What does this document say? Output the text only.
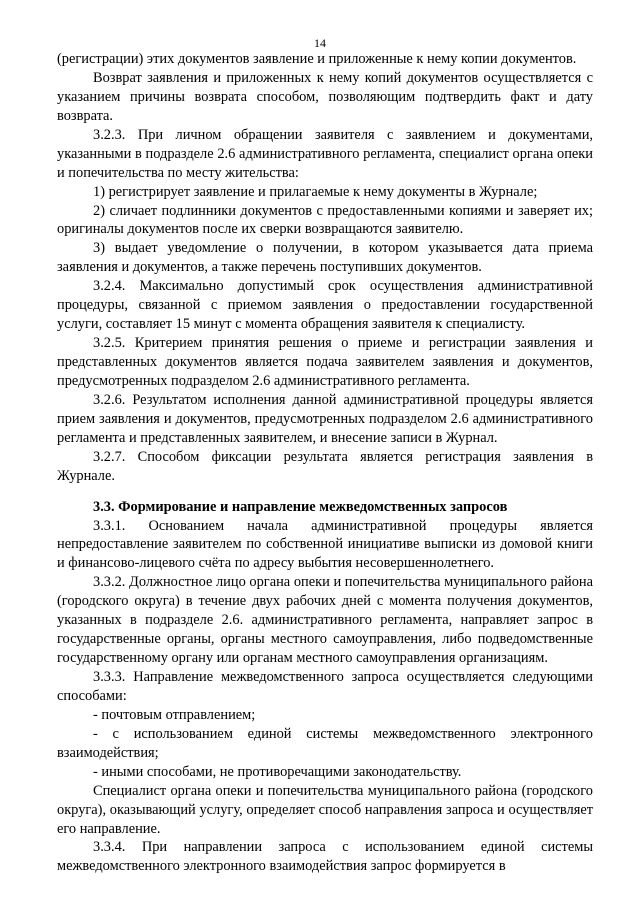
14

(регистрации) этих документов заявление и приложенные к нему копии документов.

Возврат заявления и приложенных к нему копий документов осуществляется с указанием причины возврата способом, позволяющим подтвердить факт и дату возврата.

3.2.3. При личном обращении заявителя с заявлением и документами, указанными в подразделе 2.6 административного регламента, специалист органа опеки и попечительства по месту жительства:

1) регистрирует заявление и прилагаемые к нему документы в Журнале;

2) сличает подлинники документов с предоставленными копиями и заверяет их; оригиналы документов после их сверки возвращаются заявителю.

3) выдает уведомление о получении, в котором указывается дата приема заявления и документов, а также перечень поступивших документов.

3.2.4. Максимально допустимый срок осуществления административной процедуры, связанной с приемом заявления о предоставлении государственной услуги, составляет 15 минут с момента обращения заявителя к специалисту.

3.2.5. Критерием принятия решения о приеме и регистрации заявления и представленных документов является подача заявителем заявления и документов, предусмотренных подразделом 2.6 административного регламента.

3.2.6. Результатом исполнения данной административной процедуры является прием заявления и документов, предусмотренных подразделом 2.6 административного регламента и представленных заявителем, и внесение записи в Журнал.

3.2.7. Способом фиксации результата является регистрация заявления в Журнале.

3.3. Формирование и направление межведомственных запросов

3.3.1. Основанием начала административной процедуры является непредоставление заявителем по собственной инициативе выписки из домовой книги и финансово-лицевого счёта по адресу выбытия несовершеннолетнего.

3.3.2. Должностное лицо органа опеки и попечительства муниципального района (городского округа) в течение двух рабочих дней с момента получения документов, указанных в подразделе 2.6. административного регламента, направляет запрос в государственные органы, органы местного самоуправления, либо подведомственные государственному органу или органам местного самоуправления организациям.

3.3.3. Направление межведомственного запроса осуществляется следующими способами:

- почтовым отправлением;

- с использованием единой системы межведомственного электронного взаимодействия;

- иными способами, не противоречащими законодательству.

Специалист органа опеки и попечительства муниципального района (городского округа), оказывающий услугу, определяет способ направления запроса и осуществляет его направление.

3.3.4. При направлении запроса с использованием единой системы межведомственного электронного взаимодействия запрос формируется в
